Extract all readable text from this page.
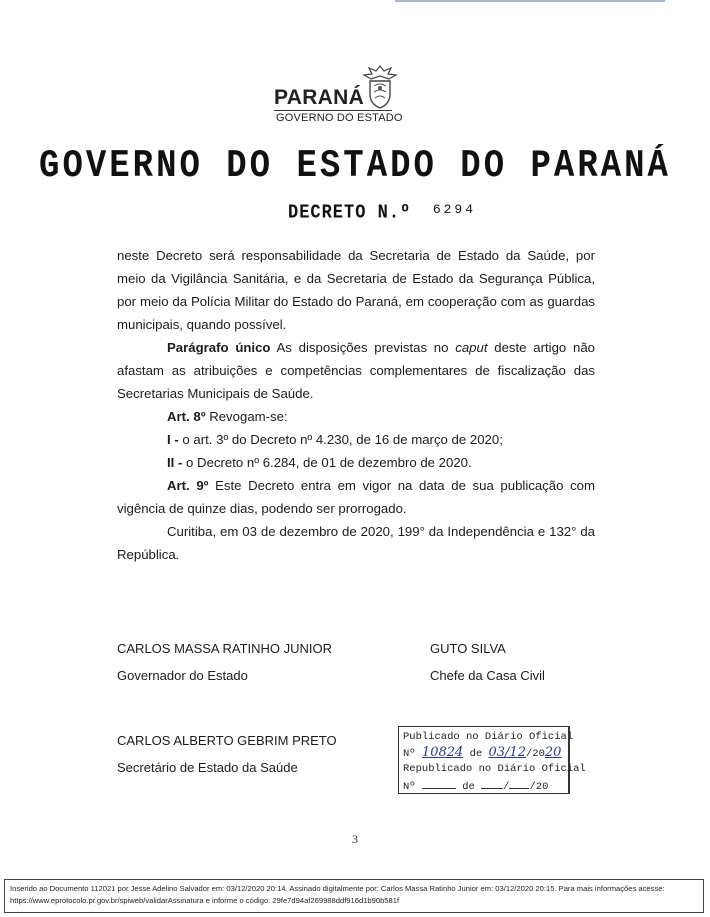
PARANÁ
GOVERNO DO ESTADO
GOVERNO DO ESTADO DO PARANÁ
DECRETO N.º $^{6294}$

neste Decreto será responsabilidade da Secretaria de Estado da Saúde, por meio da Vigilância Sanitária, e da Secretaria de Estado da Segurança Pública, por meio da Polícia Militar do Estado do Paraná, em cooperação com as guardas municipais, quando possível.

Parágrafo único As disposições previstas no caput deste artigo não afastam as atribuições e competências complementares de fiscalização das Secretarias Municipais de Saúde.

Art. 8º Revogam-se:

I - o art. 3º do Decreto nº 4.230, de 16 de março de 2020;

II - o Decreto nº 6.284, de 01 de dezembro de 2020.

Art. 9º Este Decreto entra em vigor na data de sua publicação com vigência de quinze dias, podendo ser prorrogado.

Curitiba, em 03 de dezembro de 2020, 199° da Independência e 132° da República.

CARLOS MASSA RATINHO JUNIOR
Governador do Estado
GUTO SILVA
Chefe da Casa Civil
CARLOS ALBERTO GEBRIM PRETO
Secretário de Estado da Saúde
Publicado no Diário Oficial
Nº 10824 de 03/12/2020
Republicado no Diário Oficial
Nº	de	/ /20
3
Inserido ao Documento 112021 por Jesse Adelino Salvador em: 03/12/2020 20:14. Assinado digitalmente por: Carlos Massa Ratinho Junior em: 03/12/2020 20:15. Para mais informações acesse:
https://www.eprotocolo.pr.gov.br/spiweb/validarAssinatura e informe o código: 29fe7d94af269988ddf916d1b90b581f
